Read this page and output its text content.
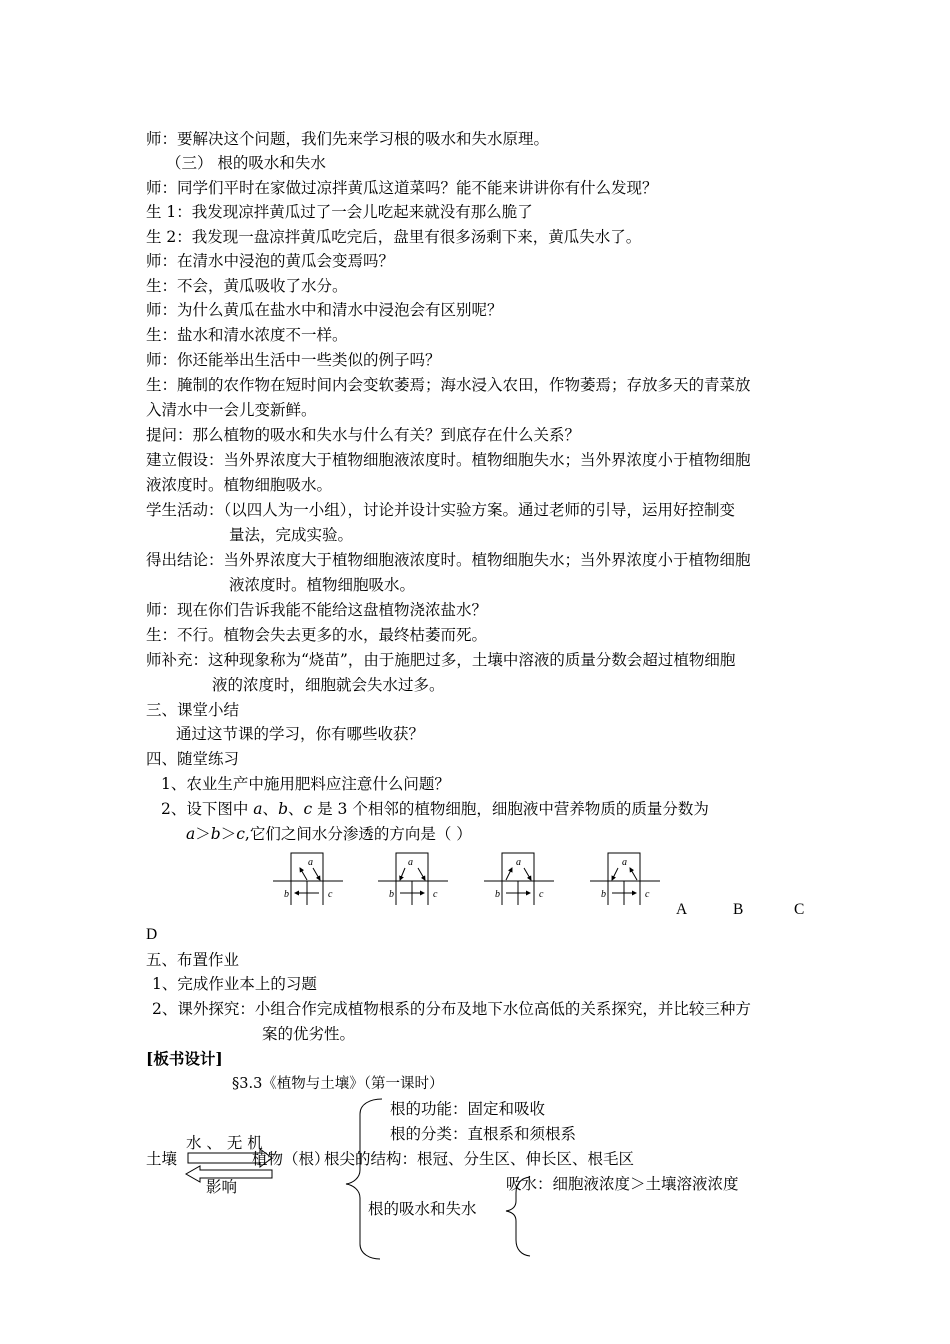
师：要解决这个问题，我们先来学习根的吸水和失水原理。
（三） 根的吸水和失水
师：同学们平时在家做过凉拌黄瓜这道菜吗？能不能来讲讲你有什么发现？
生 1：我发现凉拌黄瓜过了一会儿吃起来就没有那么脆了
生 2：我发现一盘凉拌黄瓜吃完后，盘里有很多汤剩下来，黄瓜失水了。
师：在清水中浸泡的黄瓜会变焉吗？
生：不会，黄瓜吸收了水分。
师：为什么黄瓜在盐水中和清水中浸泡会有区别呢？
生：盐水和清水浓度不一样。
师：你还能举出生活中一些类似的例子吗？
生：腌制的农作物在短时间内会变软萎焉；海水浸入农田，作物萎焉；存放多天的青菜放
入清水中一会儿变新鲜。
提问：那么植物的吸水和失水与什么有关？到底存在什么关系？
建立假设：当外界浓度大于植物细胞液浓度时。植物细胞失水；当外界浓度小于植物细胞
液浓度时。植物细胞吸水。
学生活动：（以四人为一小组），讨论并设计实验方案。通过老师的引导，运用好控制变
量法，完成实验。
得出结论：当外界浓度大于植物细胞液浓度时。植物细胞失水；当外界浓度小于植物细胞
液浓度时。植物细胞吸水。
师：现在你们告诉我能不能给这盘植物浇浓盐水？
生：不行。植物会失去更多的水，最终枯萎而死。
师补充：这种现象称为“烧苗”，由于施肥过多，土壤中溶液的质量分数会超过植物细胞
液的浓度时，细胞就会失水过多。
三、课堂小结
通过这节课的学习，你有哪些收获？
四、随堂练习
1、农业生产中施用肥料应注意什么问题？
2、设下图中 a、b、c 是 3 个相邻的植物细胞，细胞液中营养物质的质量分数为
a＞b＞c,它们之间水分渗透的方向是（ ）
a
b	c
a
b	c
a
b	c
a
b	c
A	B	C
D
五、布置作业
1、完成作业本上的习题
2、课外探究：小组合作完成植物根系的分布及地下水位高低的关系探究，并比较三种方
案的优劣性。
[板书设计]
§3.3《植物与土壤》（第一课时）
根的功能：固定和吸收
根的分类：直根系和须根系
水 、 无 机
土壤	植物（根）
根尖的结构：根冠、分生区、伸长区、根毛区
影响	吸水：细胞液浓度＞土壤溶液浓度
根的吸水和失水
